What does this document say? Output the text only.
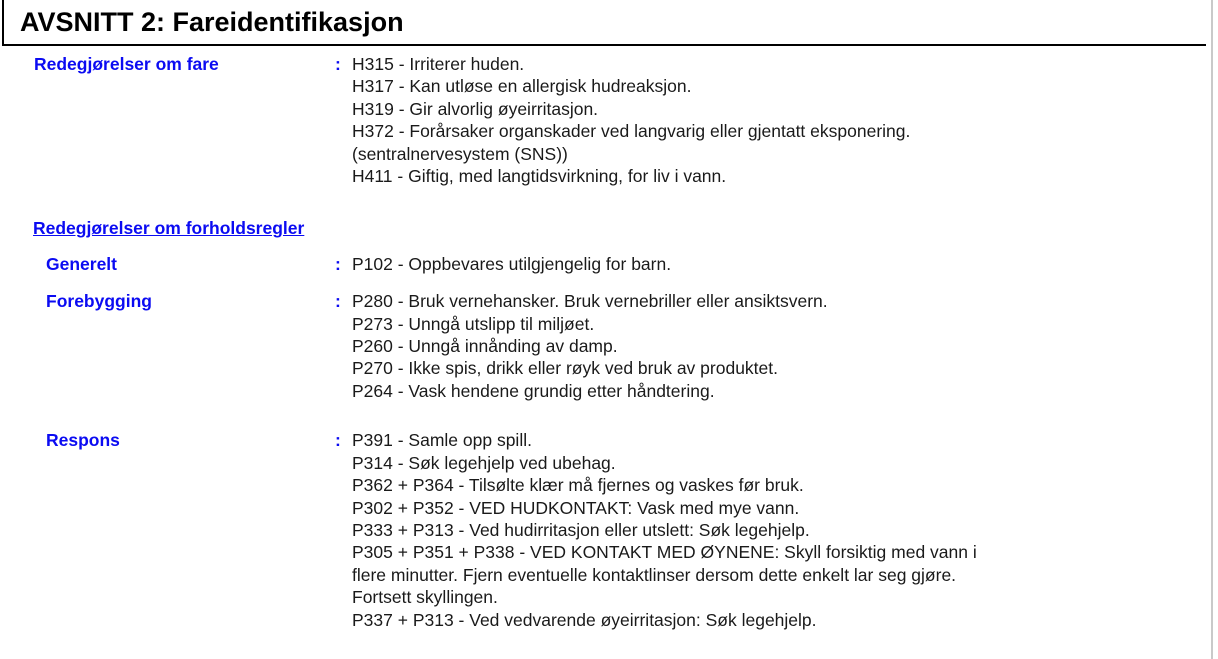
AVSNITT 2: Fareidentifikasjon
Redegjørelser om fare	: H315 - Irriterer huden.
H317 - Kan utløse en allergisk hudreaksjon.
H319 - Gir alvorlig øyeirritasjon.
H372 - Forårsaker organskader ved langvarig eller gjentatt eksponering.
(sentralnervesystem (SNS))
H411 - Giftig, med langtidsvirkning, for liv i vann.
Redegjørelser om forholdsregler
Generelt	: P102 - Oppbevares utilgjengelig for barn.
Forebygging	: P280 - Bruk vernehansker. Bruk vernebriller eller ansiktsvern.
P273 - Unngå utslipp til miljøet.
P260 - Unngå innånding av damp.
P270 - Ikke spis, drikk eller røyk ved bruk av produktet.
P264 - Vask hendene grundig etter håndtering.
Respons	: P391 - Samle opp spill.
P314 - Søk legehjelp ved ubehag.
P362 + P364 - Tilsølte klær må fjernes og vaskes før bruk.
P302 + P352 - VED HUDKONTAKT: Vask med mye vann.
P333 + P313 - Ved hudirritasjon eller utslett: Søk legehjelp.
P305 + P351 + P338 - VED KONTAKT MED ØYNENE: Skyll forsiktig med vann i
flere minutter. Fjern eventuelle kontaktlinser dersom dette enkelt lar seg gjøre.
Fortsett skyllingen.
P337 + P313 - Ved vedvarende øyeirritasjon: Søk legehjelp.
